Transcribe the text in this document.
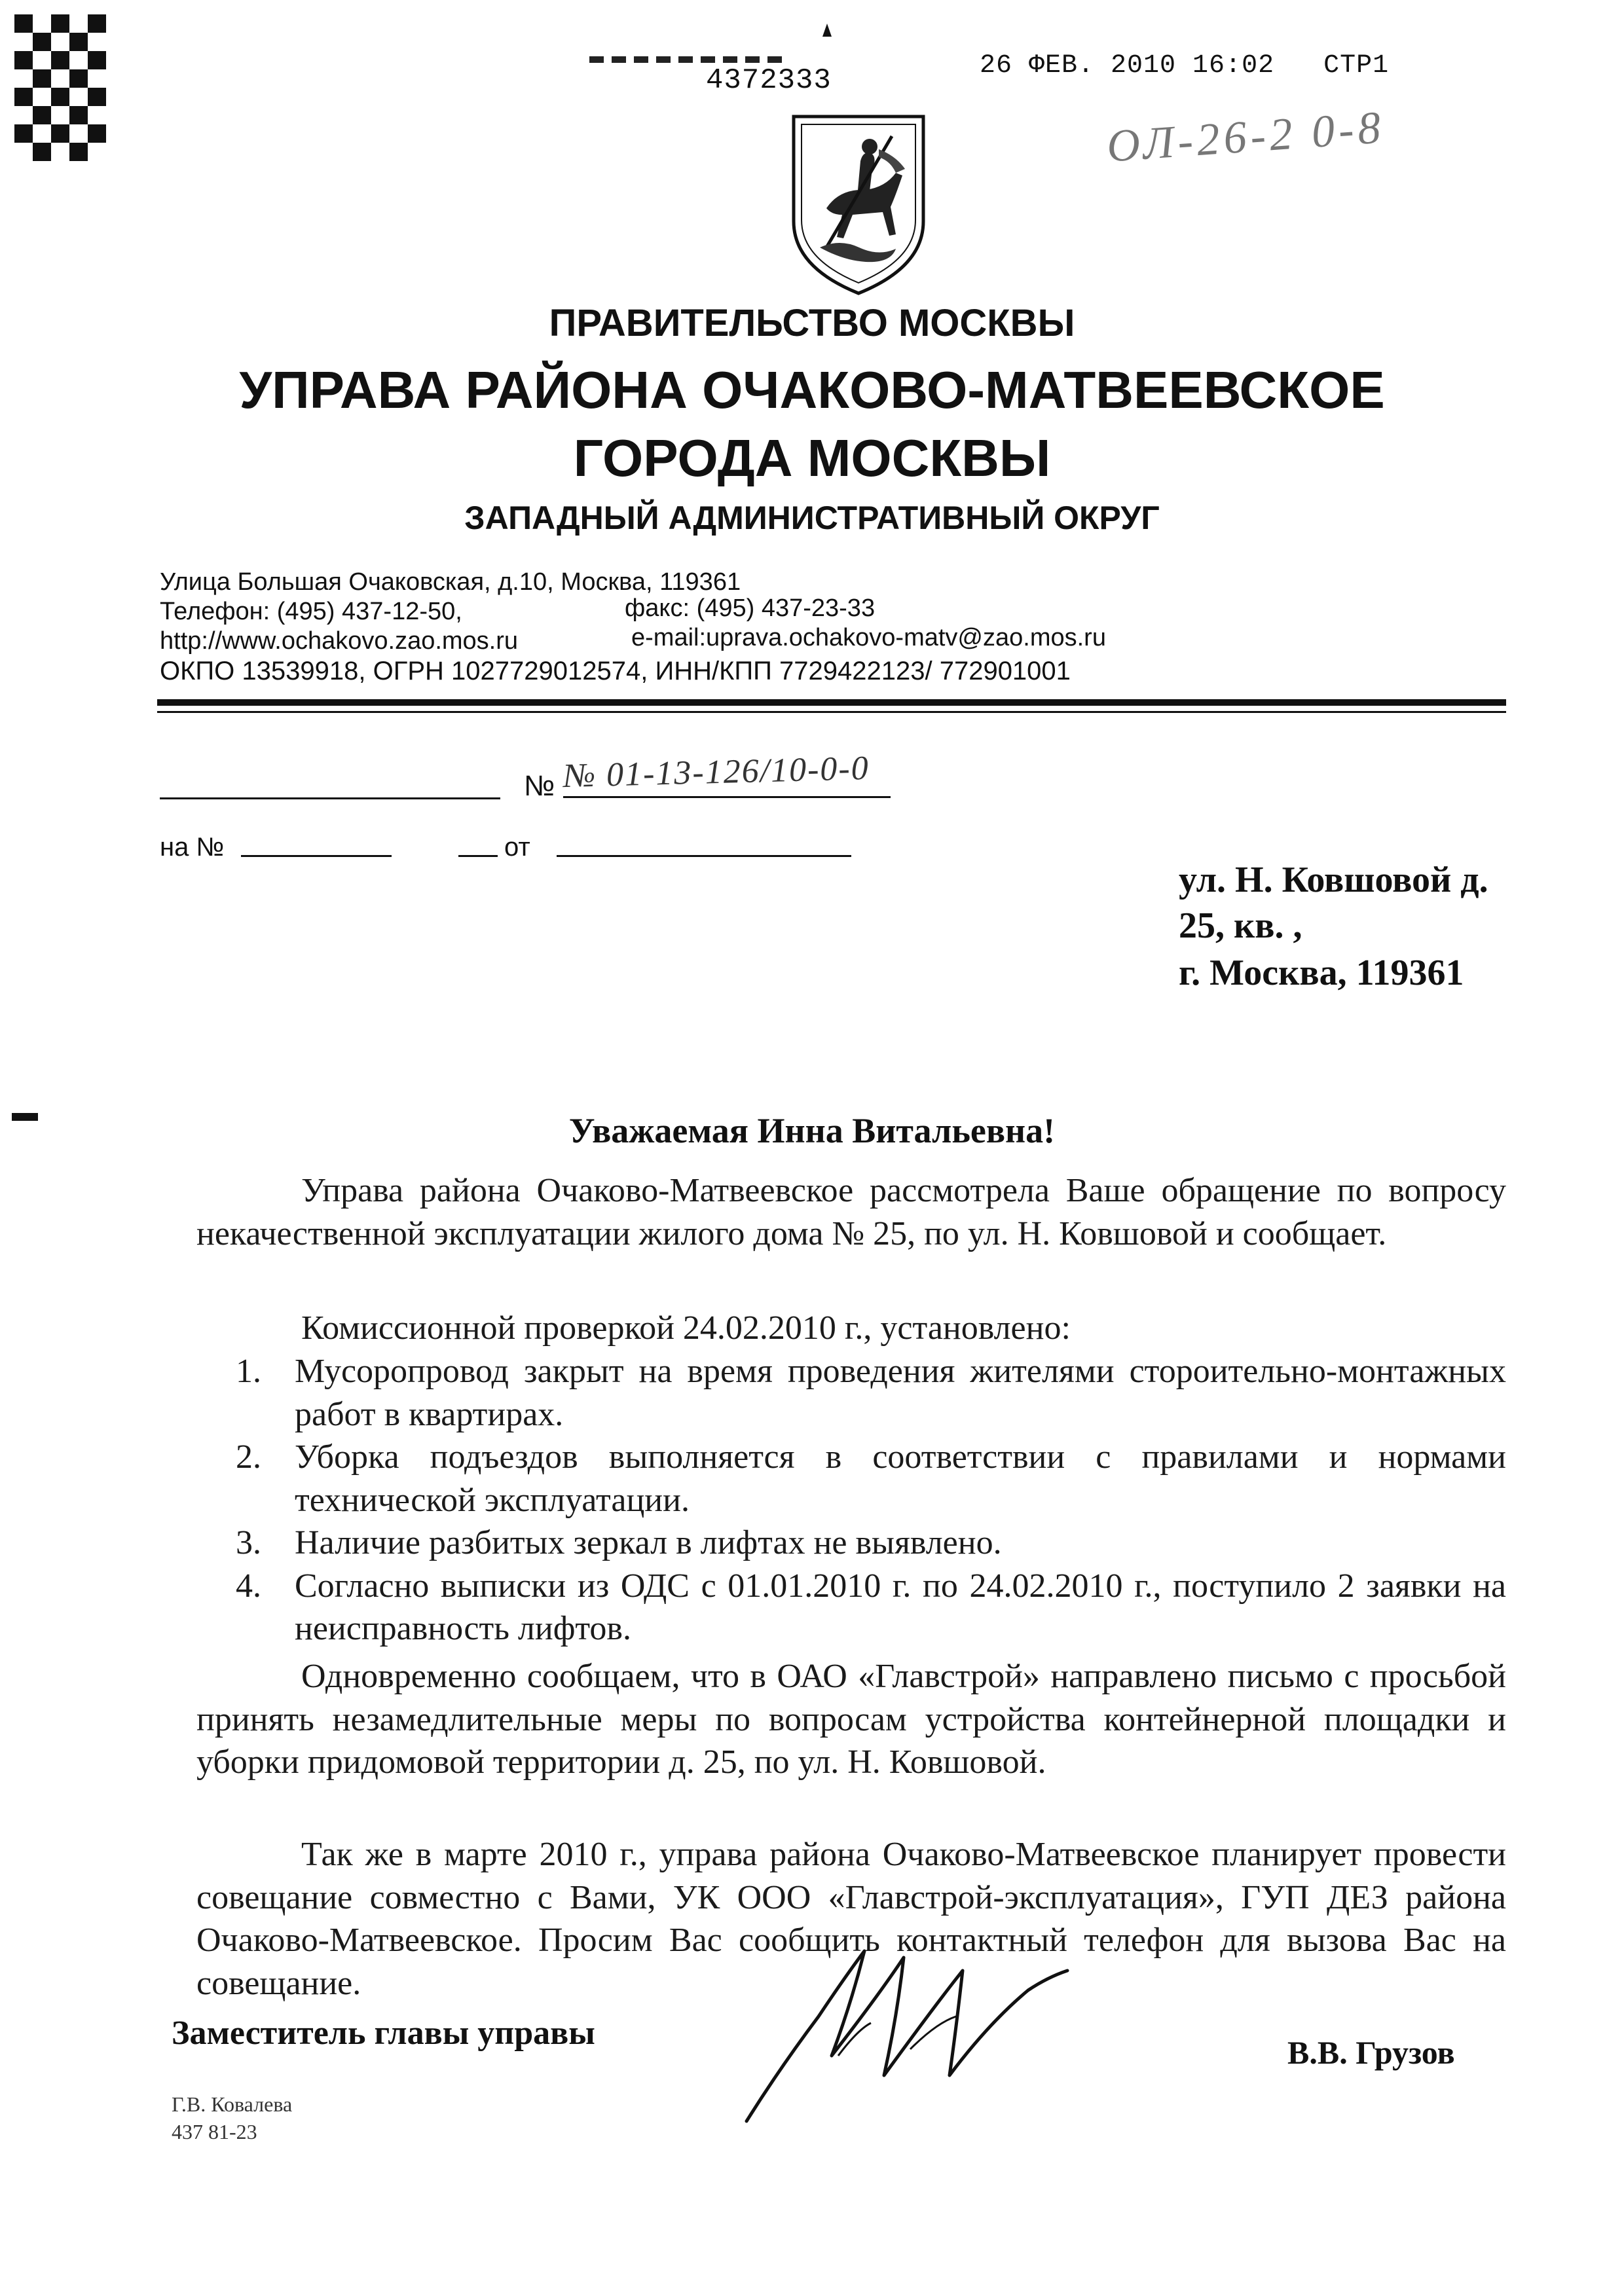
4372333	26 ФЕВ. 2010 16:02   СТР1
ОЛ-26-2 0-8
ПРАВИТЕЛЬСТВО МОСКВЫ
УПРАВА РАЙОНА ОЧАКОВО-МАТВЕЕВСКОЕ
ГОРОДА МОСКВЫ
ЗАПАДНЫЙ АДМИНИСТРАТИВНЫЙ ОКРУГ
Улица Большая Очаковская, д.10, Москва, 119361
Телефон: (495) 437-12-50,	факс: (495) 437-23-33
http://www.ochakovo.zao.mos.ru	e-mail:uprava.ochakovo-matv@zao.mos.ru
ОКПО 13539918, ОГРН 1027729012574, ИНН/КПП 7729422123/ 772901001
№ № 01-13-126/10-0-0
на №	от
ул. Н. Ковшовой д.
25, кв. ,
г. Москва, 119361
Уважаемая Инна Витальевна!
Управа района Очаково-Матвеевское рассмотрела Ваше обращение по вопросу некачественной эксплуатации жилого дома № 25, по ул. Н. Ковшовой и сообщает.
Комиссионной проверкой 24.02.2010 г., установлено:
1. Мусоропровод закрыт на время проведения жителями стороительно-монтажных работ в квартирах.
2. Уборка подъездов выполняется в соответствии с правилами и нормами технической эксплуатации.
3. Наличие разбитых зеркал в лифтах не выявлено.
4. Согласно выписки из ОДС с 01.01.2010 г. по 24.02.2010 г., поступило 2 заявки на неисправность лифтов.
Одновременно сообщаем, что в ОАО «Главстрой» направлено письмо с просьбой принять незамедлительные меры по вопросам устройства контейнерной площадки и уборки придомовой территории д. 25, по ул. Н. Ковшовой.
Так же в марте 2010 г., управа района Очаково-Матвеевское планирует провести совещание совместно с Вами, УК ООО «Главстрой-эксплуатация», ГУП ДЕЗ района Очаково-Матвеевское. Просим Вас сообщить контактный телефон для вызова Вас на совещание.
Заместитель главы управы
В.В. Грузов
Г.В. Ковалева
437 81-23
